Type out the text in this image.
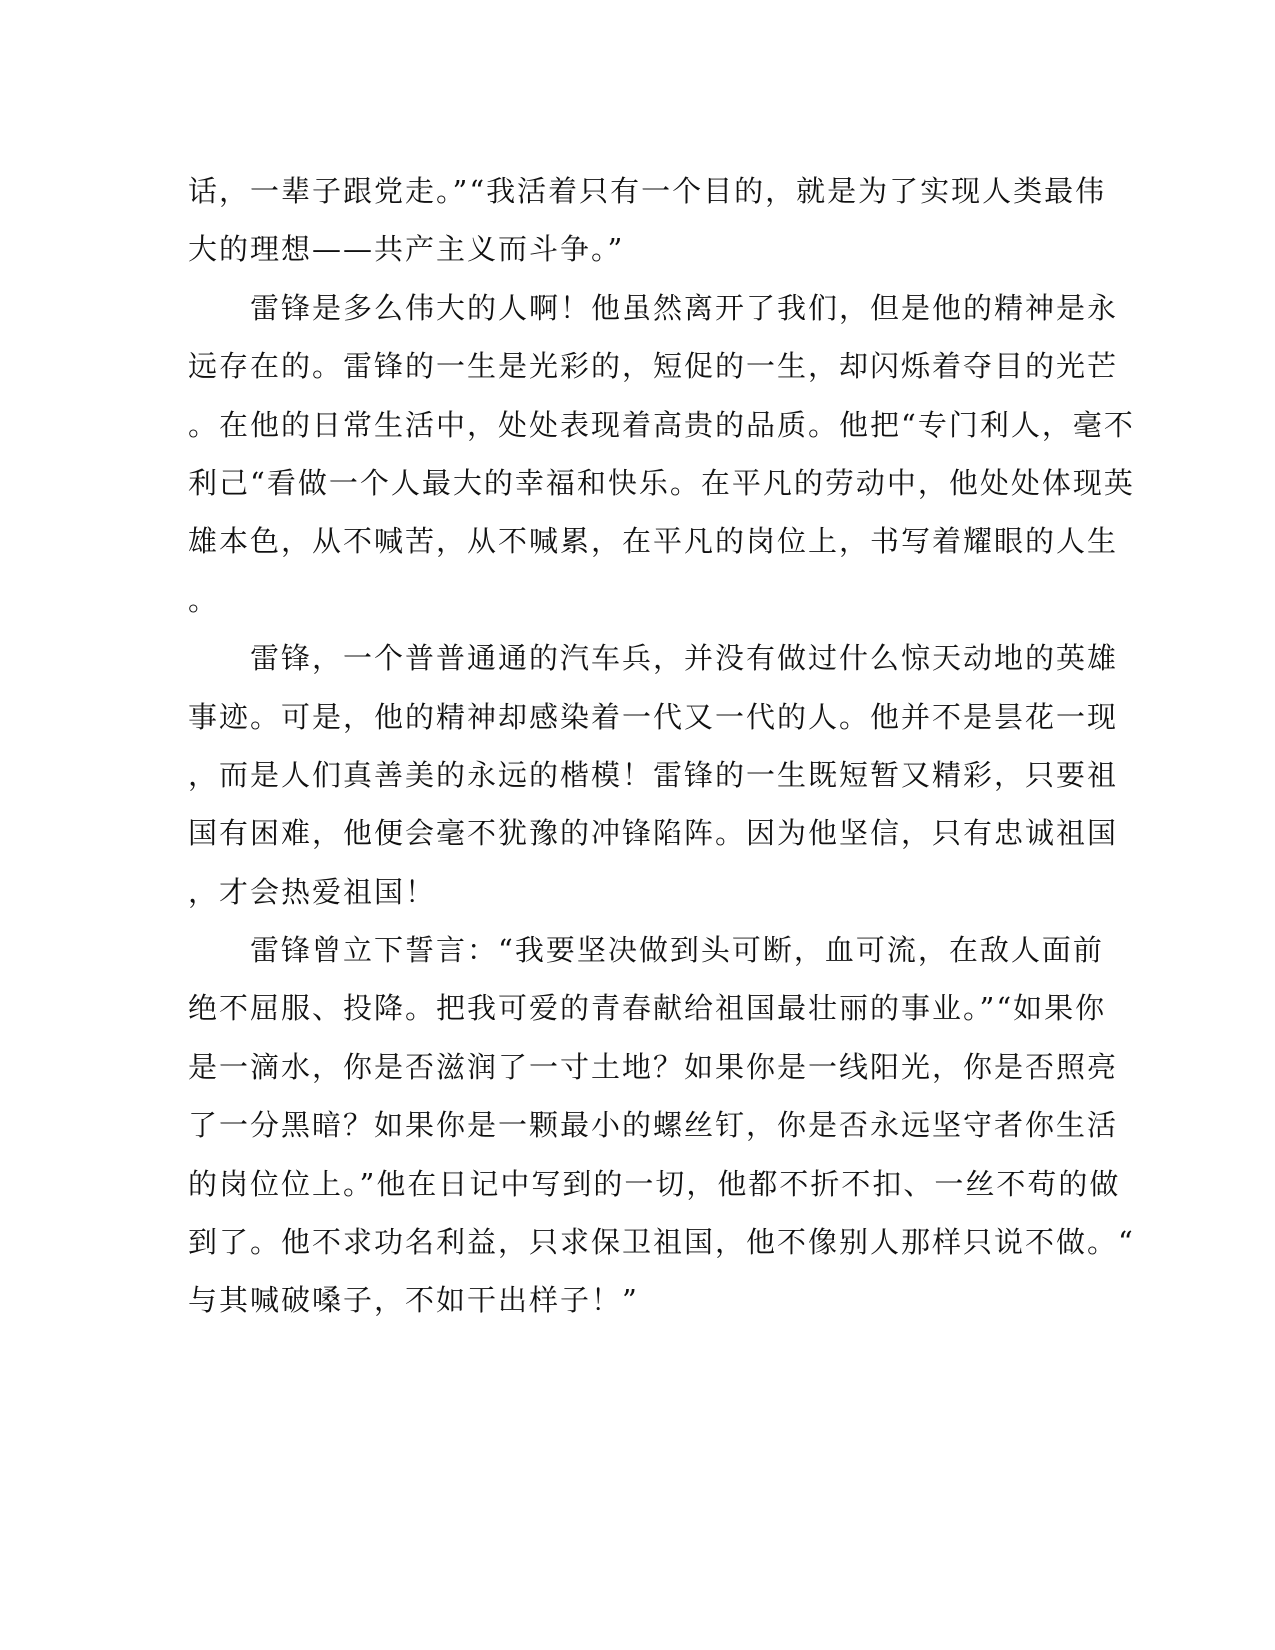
话，一辈子跟党走。”“我活着只有一个目的，就是为了实现人类最伟
大的理想——共产主义而斗争。”
　　雷锋是多么伟大的人啊！他虽然离开了我们，但是他的精神是永
远存在的。雷锋的一生是光彩的，短促的一生，却闪烁着夺目的光芒
。在他的日常生活中，处处表现着高贵的品质。他把“专门利人，毫不
利己“看做一个人最大的幸福和快乐。在平凡的劳动中，他处处体现英
雄本色，从不喊苦，从不喊累，在平凡的岗位上，书写着耀眼的人生
。
　　雷锋，一个普普通通的汽车兵，并没有做过什么惊天动地的英雄
事迹。可是，他的精神却感染着一代又一代的人。他并不是昙花一现
，而是人们真善美的永远的楷模！雷锋的一生既短暂又精彩，只要祖
国有困难，他便会毫不犹豫的冲锋陷阵。因为他坚信，只有忠诚祖国
，才会热爱祖国！
　　雷锋曾立下誓言：“我要坚决做到头可断，血可流，在敌人面前
绝不屈服、投降。把我可爱的青春献给祖国最壮丽的事业。”“如果你
是一滴水，你是否滋润了一寸土地？如果你是一线阳光，你是否照亮
了一分黑暗？如果你是一颗最小的螺丝钉，你是否永远坚守者你生活
的岗位位上。”他在日记中写到的一切，他都不折不扣、一丝不苟的做
到了。他不求功名利益，只求保卫祖国，他不像别人那样只说不做。“
与其喊破嗓子，不如干出样子！”
